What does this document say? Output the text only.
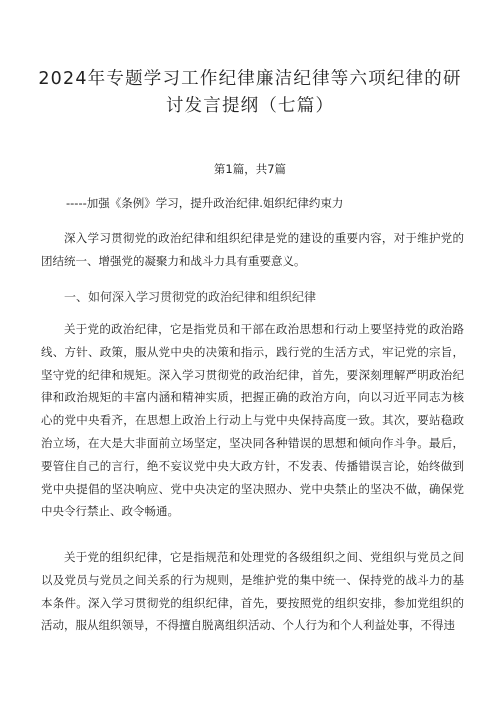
2024年专题学习工作纪律廉洁纪律等六项纪律的研讨发言提纲（七篇）
第1篇，共7篇
-----加强《条例》学习，提升政治纪律.姐织纪律约束力

深入学习贯彻党的政治纪律和组织纪律是党的建设的重要内容，对于维护党的团结统一、增强党的凝聚力和战斗力具有重要意义。

一、如何深入学习贯彻党的政治纪律和组织纪律

关于党的政治纪律，它是指党员和干部在政治思想和行动上要坚持党的政治路线、方针、政策，服从党中央的决策和指示，践行党的生活方式，牢记党的宗旨，坚守党的纪律和规矩。深入学习贯彻党的政治纪律，首先，要深刻理解严明政治纪律和政治规矩的丰富内涵和精神实质，把握正确的政治方向，向以习近平同志为核心的党中央看齐，在思想上政治上行动上与党中央保持高度一致。其次，要站稳政治立场，在大是大非面前立场坚定，坚决同各种错误的思想和倾向作斗争。最后，要管住自己的言行，绝不妄议党中央大政方针，不发表、传播错误言论，始终做到党中央提倡的坚决响应、党中央决定的坚决照办、党中央禁止的坚决不做，确保党中央令行禁止、政令畅通。

关于党的组织纪律，它是指规范和处理党的各级组织之间、党组织与党员之间以及党员与党员之间关系的行为规则，是维护党的集中统一、保持党的战斗力的基本条件。深入学习贯彻党的组织纪律，首先，要按照党的组织安排，参加党组织的活动，服从组织领导，不得擅自脱离组织活动、个人行为和个人利益处事，不得违
